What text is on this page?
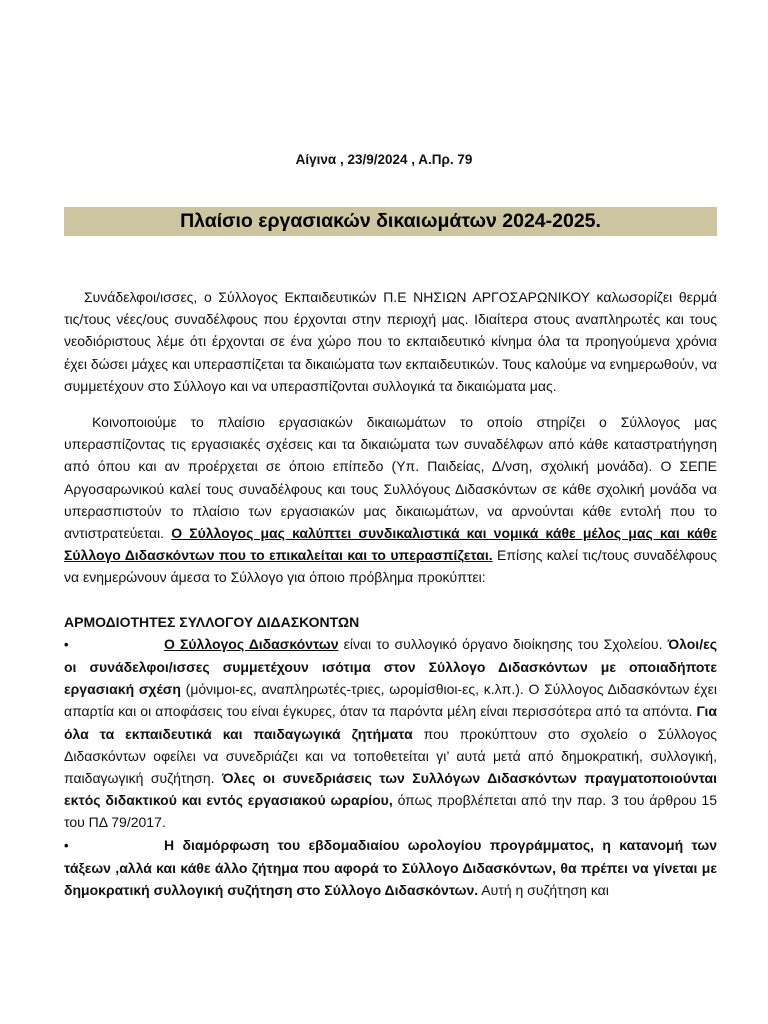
Αίγινα , 23/9/2024 , Α.Πρ. 79
Πλαίσιο εργασιακών δικαιωμάτων 2024-2025.

Συνάδελφοι/ισσες, ο Σύλλογος Εκπαιδευτικών Π.Ε ΝΗΣΙΩΝ ΑΡΓΟΣΑΡΩΝΙΚΟΥ καλωσορίζει θερμά τις/τους νέες/ους συναδέλφους που έρχονται στην περιοχή μας. Ιδιαίτερα στους αναπληρωτές και τους νεοδιόριστους λέμε ότι έρχονται σε ένα χώρο που το εκπαιδευτικό κίνημα όλα τα προηγούμενα χρόνια έχει δώσει μάχες και υπερασπίζεται τα δικαιώματα των εκπαιδευτικών. Τους καλούμε να ενημερωθούν, να συμμετέχουν στο Σύλλογο και να υπερασπίζονται συλλογικά τα δικαιώματα μας.

Κοινοποιούμε το πλαίσιο εργασιακών δικαιωμάτων το οποίο στηρίζει ο Σύλλογος μας υπερασπίζοντας τις εργασιακές σχέσεις και τα δικαιώματα των συναδέλφων από κάθε καταστρατήγηση από όπου και αν προέρχεται σε όποιο επίπεδο (Υπ. Παιδείας, Δ/νση, σχολική μονάδα). Ο ΣΕΠΕ Αργοσαρωνικού καλεί τους συναδέλφους και τους Συλλόγους Διδασκόντων σε κάθε σχολική μονάδα να υπερασπιστούν το πλαίσιο των εργασιακών μας δικαιωμάτων, να αρνούνται κάθε εντολή που το αντιστρατεύεται. Ο Σύλλογος μας καλύπτει συνδικαλιστικά και νομικά κάθε μέλος μας και κάθε Σύλλογο Διδασκόντων που το επικαλείται και το υπερασπίζεται. Επίσης καλεί τις/τους συναδέλφους να ενημερώνουν άμεσα το Σύλλογο για όποιο πρόβλημα προκύπτει:

ΑΡΜΟΔΙΟΤΗΤΕΣ ΣΥΛΛΟΓΟΥ ΔΙΔΑΣΚΟΝΤΩΝ

•	Ο Σύλλογος Διδασκόντων είναι το συλλογικό όργανο διοίκησης του Σχολείου. Όλοι/ες οι συνάδελφοι/ισσες συμμετέχουν ισότιμα στον Σύλλογο Διδασκόντων με οποιαδήποτε εργασιακή σχέση (μόνιμοι-ες, αναπληρωτές-τριες, ωρομίσθιοι-ες, κ.λπ.). Ο Σύλλογος Διδασκόντων έχει απαρτία και οι αποφάσεις του είναι έγκυρες, όταν τα παρόντα μέλη είναι περισσότερα από τα απόντα. Για όλα τα εκπαιδευτικά και παιδαγωγικά ζητήματα που προκύπτουν στο σχολείο ο Σύλλογος Διδασκόντων οφείλει να συνεδριάζει και να τοποθετείται γι’ αυτά μετά από δημοκρατική, συλλογική, παιδαγωγική συζήτηση. Όλες οι συνεδριάσεις των Συλλόγων Διδασκόντων πραγματοποιούνται εκτός διδακτικού και εντός εργασιακού ωραρίου, όπως προβλέπεται από την παρ. 3 του άρθρου 15 του ΠΔ 79/2017.

•	Η διαμόρφωση του εβδομαδιαίου ωρολογίου προγράμματος, η κατανομή των τάξεων ,αλλά και κάθε άλλο ζήτημα που αφορά το Σύλλογο Διδασκόντων, θα πρέπει να γίνεται με δημοκρατική συλλογική συζήτηση στο Σύλλογο Διδασκόντων. Αυτή η συζήτηση και
